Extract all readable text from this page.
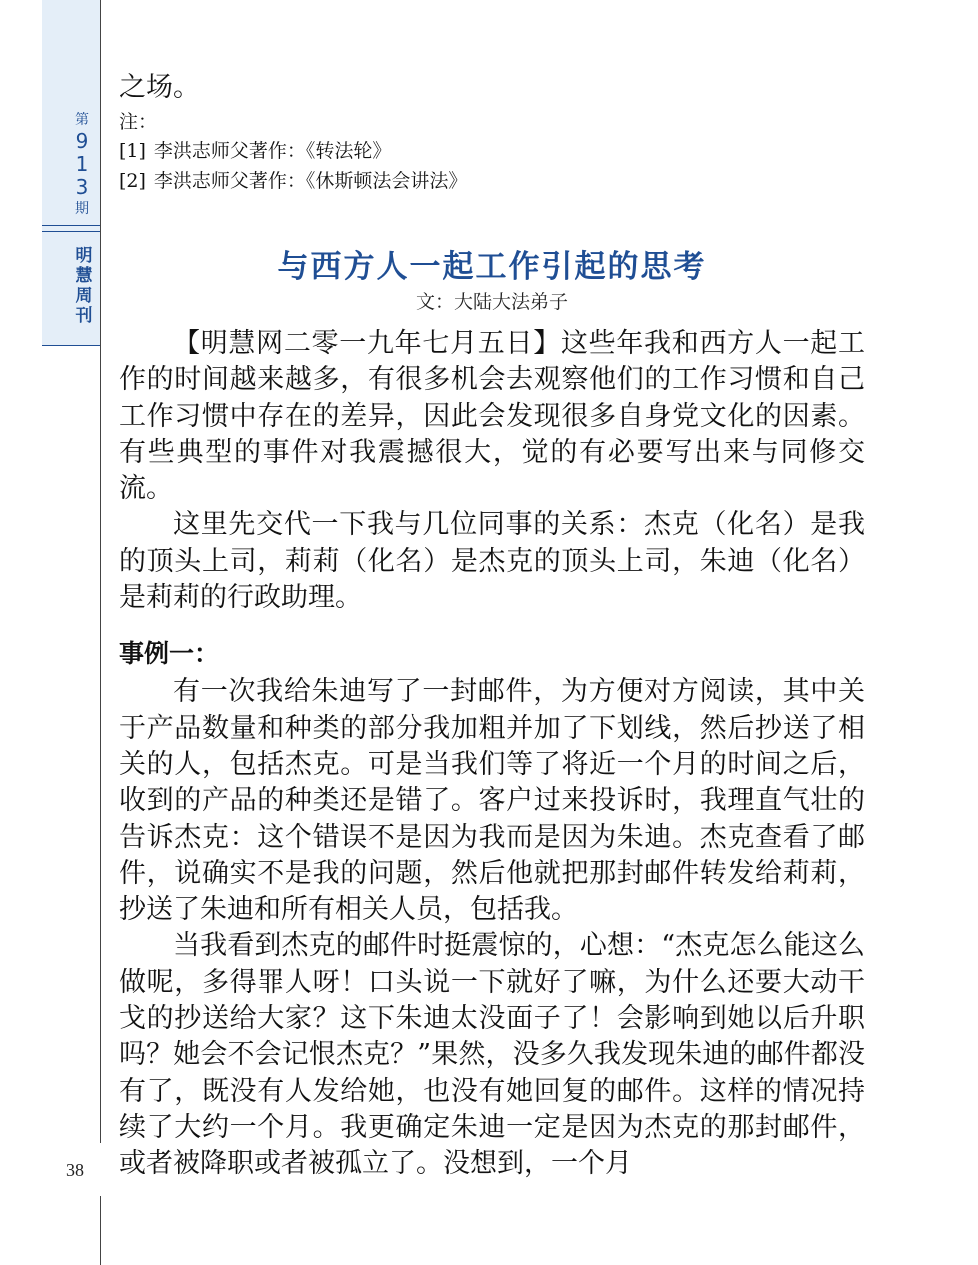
第
9
1
3
期
明
慧
周
刊
38

之场。

注：

[1] 李洪志师父著作：《转法轮》

[2] 李洪志师父著作：《休斯顿法会讲法》

与西方人一起工作引起的思考

文：大陆大法弟子

【明慧网二零一九年七月五日】这些年我和西方人一起工作的时间越来越多，有很多机会去观察他们的工作习惯和自己工作习惯中存在的差异，因此会发现很多自身党文化的因素。有些典型的事件对我震撼很大，觉的有必要写出来与同修交流。

这里先交代一下我与几位同事的关系：杰克（化名）是我的顶头上司，莉莉（化名）是杰克的顶头上司，朱迪（化名）是莉莉的行政助理。

事例一：

有一次我给朱迪写了一封邮件，为方便对方阅读，其中关于产品数量和种类的部分我加粗并加了下划线，然后抄送了相关的人，包括杰克。可是当我们等了将近一个月的时间之后，收到的产品的种类还是错了。客户过来投诉时，我理直气壮的告诉杰克：这个错误不是因为我而是因为朱迪。杰克查看了邮件，说确实不是我的问题，然后他就把那封邮件转发给莉莉，抄送了朱迪和所有相关人员，包括我。

当我看到杰克的邮件时挺震惊的，心想：“杰克怎么能这么做呢，多得罪人呀！口头说一下就好了嘛，为什么还要大动干戈的抄送给大家？这下朱迪太没面子了！会影响到她以后升职吗？她会不会记恨杰克？”果然，没多久我发现朱迪的邮件都没有了，既没有人发给她，也没有她回复的邮件。这样的情况持续了大约一个月。我更确定朱迪一定是因为杰克的那封邮件，或者被降职或者被孤立了。没想到，一个月
